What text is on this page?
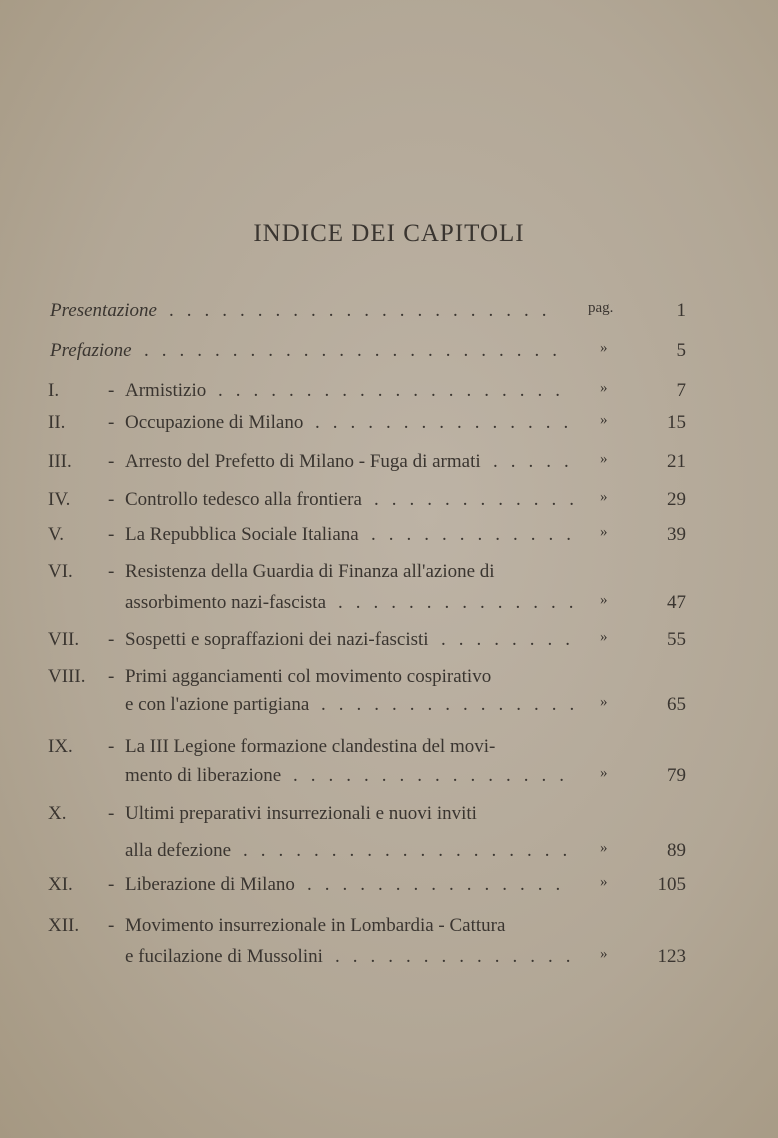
INDICE DEI CAPITOLI
Presentazione ...................... pag.	1
Prefazione ........................ »	5
I.	- Armistizio .................... »	7
II. - Occupazione di Milano ............... »	15
III. - Arresto del Prefetto di Milano - Fuga di armati ..... »	21
IV. - Controllo tedesco alla frontiera ............ »	29
V. - La Repubblica Sociale Italiana ............ »	39
VI. - Resistenza della Guardia di Finanza all'azione di
assorbimento nazi-fascista .............. »	47
VII. - Sospetti e sopraffazioni dei nazi-fascisti ........ »	55
VIII. - Primi agganciamenti col movimento cospirativo
e con l'azione partigiana ............... »	65
IX. - La III Legione formazione clandestina del movi-
mento di liberazione ................ »	79
X. - Ultimi preparativi insurrezionali e nuovi inviti
alla defezione ................... »	89
XI. - Liberazione di Milano ............... »	105
XII. - Movimento insurrezionale in Lombardia - Cattura
e fucilazione di Mussolini .............. »	123
